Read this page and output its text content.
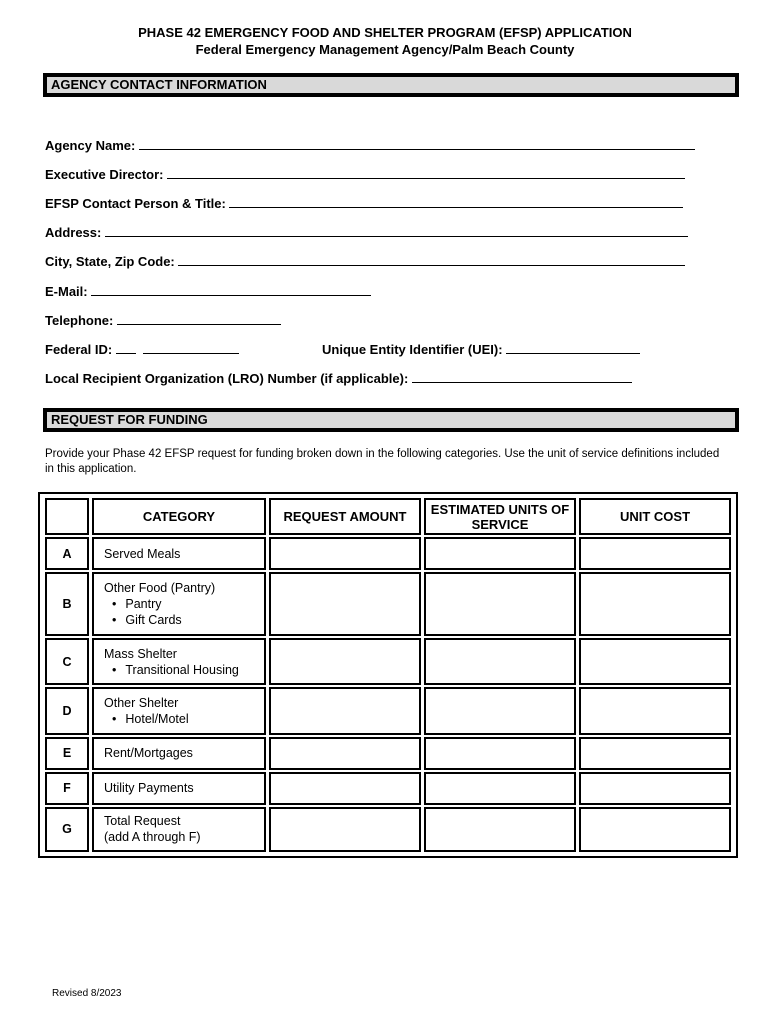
PHASE 42 EMERGENCY FOOD AND SHELTER PROGRAM (EFSP) APPLICATION
Federal Emergency Management Agency/Palm Beach County
AGENCY CONTACT INFORMATION
Agency Name:
Executive Director:
EFSP Contact Person & Title:
Address:
City, State, Zip Code:
E-Mail:
Telephone:
Federal ID:	Unique Entity Identifier (UEI):
Local Recipient Organization (LRO) Number (if applicable):
REQUEST FOR FUNDING
Provide your Phase 42 EFSP request for funding broken down in the following categories. Use the unit of service definitions included in this application.
	CATEGORY	REQUEST AMOUNT	ESTIMATED UNITS OF SERVICE	UNIT COST
A	Served Meals			

B	Other Food (Pantry)
• Pantry
• Gift Cards

C	Mass Shelter
• Transitional Housing

D	Other Shelter
• Hotel/Motel

E	Rent/Mortgages			

F	Utility Payments			

G	Total Request
(add A through F)			

Revised 8/2023
